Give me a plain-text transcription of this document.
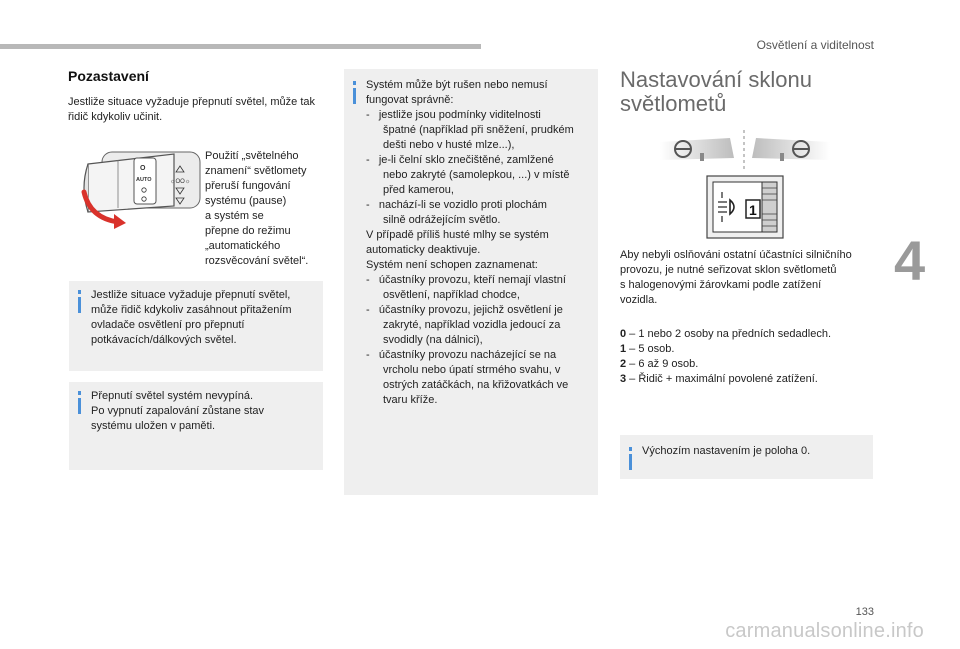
Osvětlení a viditelnost
4
133
carmanualsonline.info
Pozastavení
Jestliže situace vyžaduje přepnutí světel, může tak řidič kdykoliv učinit.
O
AUTO	☼OO☼
Použití „světelného
znamení“ světlomety
přeruší fungování
systému (pause)
a systém se
přepne do režimu
„automatického
rozsvěcování světel“.
Jestliže situace vyžaduje přepnutí světel,
může řidič kdykoliv zasáhnout přitažením
ovladače osvětlení pro přepnutí
potkávacích/dálkových světel.
Přepnutí světel systém nevypíná.
Po vypnutí zapalování zůstane stav
systému uložen v paměti.
Systém může být rušen nebo nemusí
fungovat správně:
-   jestliže jsou podmínky viditelnosti
špatné (například při sněžení, prudkém
dešti nebo v husté mlze...),
-   je-li čelní sklo znečištěné, zamlžené
nebo zakryté (samolepkou, ...) v místě
před kamerou,
-   nachází-li se vozidlo proti plochám
silně odrážejícím světlo.
V případě příliš husté mlhy se systém
automaticky deaktivuje.
Systém není schopen zaznamenat:
-   účastníky provozu, kteří nemají vlastní
osvětlení, například chodce,
-   účastníky provozu, jejichž osvětlení je
zakryté, například vozidla jedoucí za
svodidly (na dálnici),
-   účastníky provozu nacházející se na
vrcholu nebo úpatí strmého svahu, v
ostrých zatáčkách, na křižovatkách ve
tvaru kříže.
Nastavování sklonu
světlometů
1
Aby nebyli oslňováni ostatní účastníci silničního
provozu, je nutné seřizovat sklon světlometů
s halogenovými žárovkami podle zatížení
vozidla.
0 – 1 nebo 2 osoby na předních sedadlech.
1 – 5 osob.
2 – 6 až 9 osob.
3 – Řidič + maximální povolené zatížení.
Výchozím nastavením je poloha 0.
